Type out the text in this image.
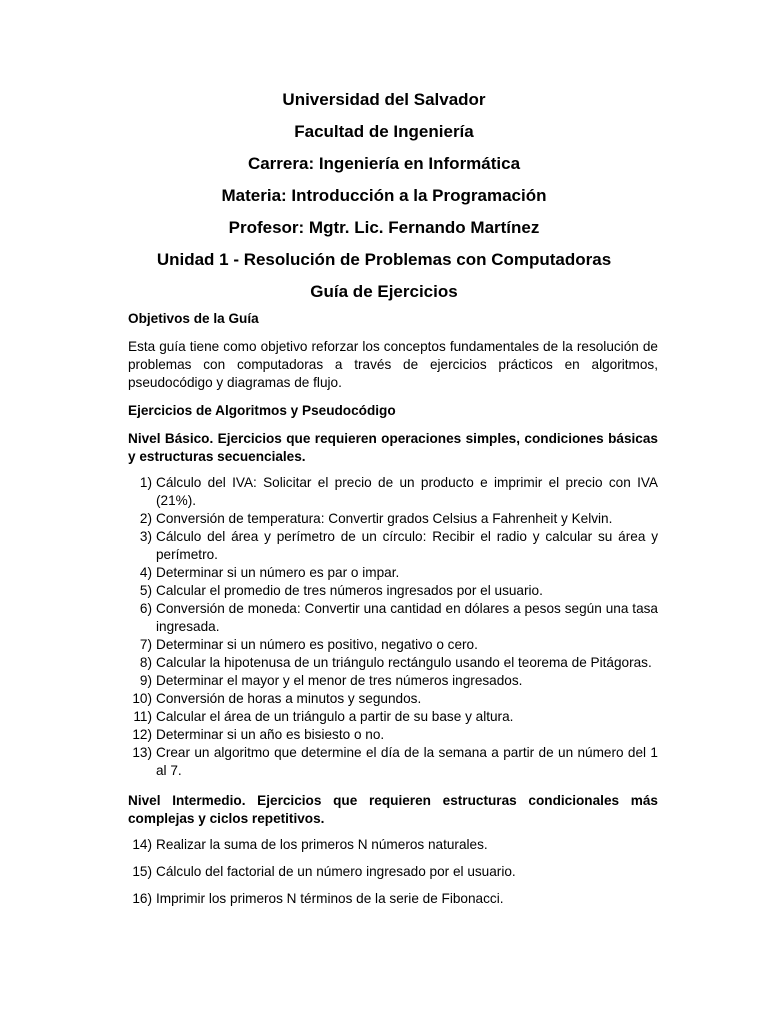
Universidad del Salvador

Facultad de Ingeniería

Carrera: Ingeniería en Informática

Materia: Introducción a la Programación

Profesor: Mgtr. Lic. Fernando Martínez

Unidad 1 - Resolución de Problemas con Computadoras

Guía de Ejercicios

Objetivos de la Guía

Esta guía tiene como objetivo reforzar los conceptos fundamentales de la resolución de problemas con computadoras a través de ejercicios prácticos en algoritmos, pseudocódigo y diagramas de flujo.

Ejercicios de Algoritmos y Pseudocódigo

Nivel Básico. Ejercicios que requieren operaciones simples, condiciones básicas y estructuras secuenciales.

1) Cálculo del IVA: Solicitar el precio de un producto e imprimir el precio con IVA (21%).
2) Conversión de temperatura: Convertir grados Celsius a Fahrenheit y Kelvin.
3) Cálculo del área y perímetro de un círculo: Recibir el radio y calcular su área y perímetro.
4) Determinar si un número es par o impar.
5) Calcular el promedio de tres números ingresados por el usuario.
6) Conversión de moneda: Convertir una cantidad en dólares a pesos según una tasa ingresada.
7) Determinar si un número es positivo, negativo o cero.
8) Calcular la hipotenusa de un triángulo rectángulo usando el teorema de Pitágoras.
9) Determinar el mayor y el menor de tres números ingresados.
10) Conversión de horas a minutos y segundos.
11) Calcular el área de un triángulo a partir de su base y altura.
12) Determinar si un año es bisiesto o no.
13) Crear un algoritmo que determine el día de la semana a partir de un número del 1 al 7.

Nivel Intermedio. Ejercicios que requieren estructuras condicionales más complejas y ciclos repetitivos.

14) Realizar la suma de los primeros N números naturales.
15) Cálculo del factorial de un número ingresado por el usuario.
16) Imprimir los primeros N términos de la serie de Fibonacci.
